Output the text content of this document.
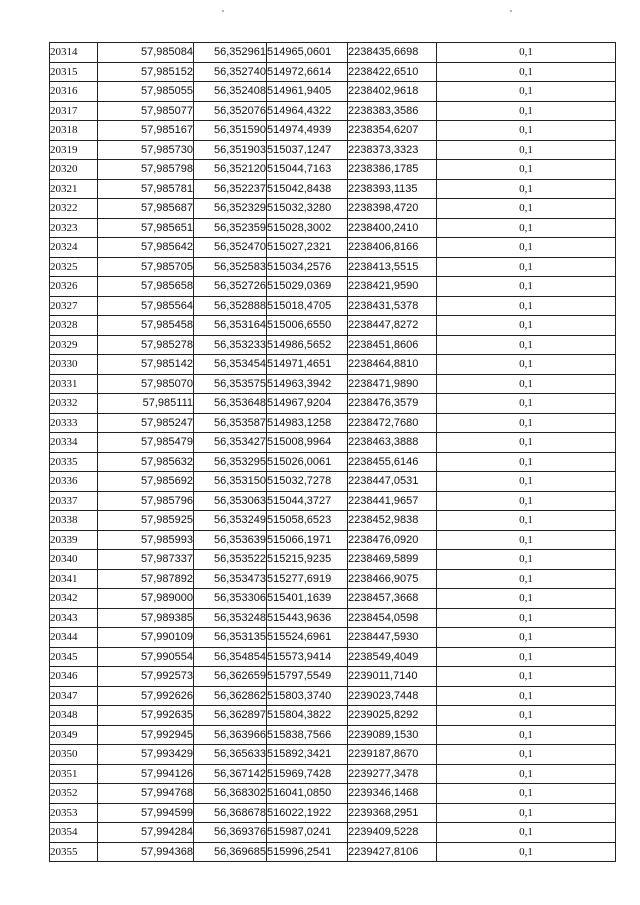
20314	57,985084	56,352961	514965,0601	2238435,6698	0,1
20315	57,985152	56,352740	514972,6614	2238422,6510	0,1
20316	57,985055	56,352408	514961,9405	2238402,9618	0,1
20317	57,985077	56,352076	514964,4322	2238383,3586	0,1
20318	57,985167	56,351590	514974,4939	2238354,6207	0,1
20319	57,985730	56,351903	515037,1247	2238373,3323	0,1
20320	57,985798	56,352120	515044,7163	2238386,1785	0,1
20321	57,985781	56,352237	515042,8438	2238393,1135	0,1
20322	57,985687	56,352329	515032,3280	2238398,4720	0,1
20323	57,985651	56,352359	515028,3002	2238400,2410	0,1
20324	57,985642	56,352470	515027,2321	2238406,8166	0,1
20325	57,985705	56,352583	515034,2576	2238413,5515	0,1
20326	57,985658	56,352726	515029,0369	2238421,9590	0,1
20327	57,985564	56,352888	515018,4705	2238431,5378	0,1
20328	57,985458	56,353164	515006,6550	2238447,8272	0,1
20329	57,985278	56,353233	514986,5652	2238451,8606	0,1
20330	57,985142	56,353454	514971,4651	2238464,8810	0,1
20331	57,985070	56,353575	514963,3942	2238471,9890	0,1
20332	57,985111	56,353648	514967,9204	2238476,3579	0,1
20333	57,985247	56,353587	514983,1258	2238472,7680	0,1
20334	57,985479	56,353427	515008,9964	2238463,3888	0,1
20335	57,985632	56,353295	515026,0061	2238455,6146	0,1
20336	57,985692	56,353150	515032,7278	2238447,0531	0,1
20337	57,985796	56,353063	515044,3727	2238441,9657	0,1
20338	57,985925	56,353249	515058,6523	2238452,9838	0,1
20339	57,985993	56,353639	515066,1971	2238476,0920	0,1
20340	57,987337	56,353522	515215,9235	2238469,5899	0,1
20341	57,987892	56,353473	515277,6919	2238466,9075	0,1
20342	57,989000	56,353306	515401,1639	2238457,3668	0,1
20343	57,989385	56,353248	515443,9636	2238454,0598	0,1
20344	57,990109	56,353135	515524,6961	2238447,5930	0,1
20345	57,990554	56,354854	515573,9414	2238549,4049	0,1
20346	57,992573	56,362659	515797,5549	2239011,7140	0,1
20347	57,992626	56,362862	515803,3740	2239023,7448	0,1
20348	57,992635	56,362897	515804,3822	2239025,8292	0,1
20349	57,992945	56,363966	515838,7566	2239089,1530	0,1
20350	57,993429	56,365633	515892,3421	2239187,8670	0,1
20351	57,994126	56,367142	515969,7428	2239277,3478	0,1
20352	57,994768	56,368302	516041,0850	2239346,1468	0,1
20353	57,994599	56,368678	516022,1922	2239368,2951	0,1
20354	57,994284	56,369376	515987,0241	2239409,5228	0,1
20355	57,994368	56,369685	515996,2541	2239427,8106	0,1
